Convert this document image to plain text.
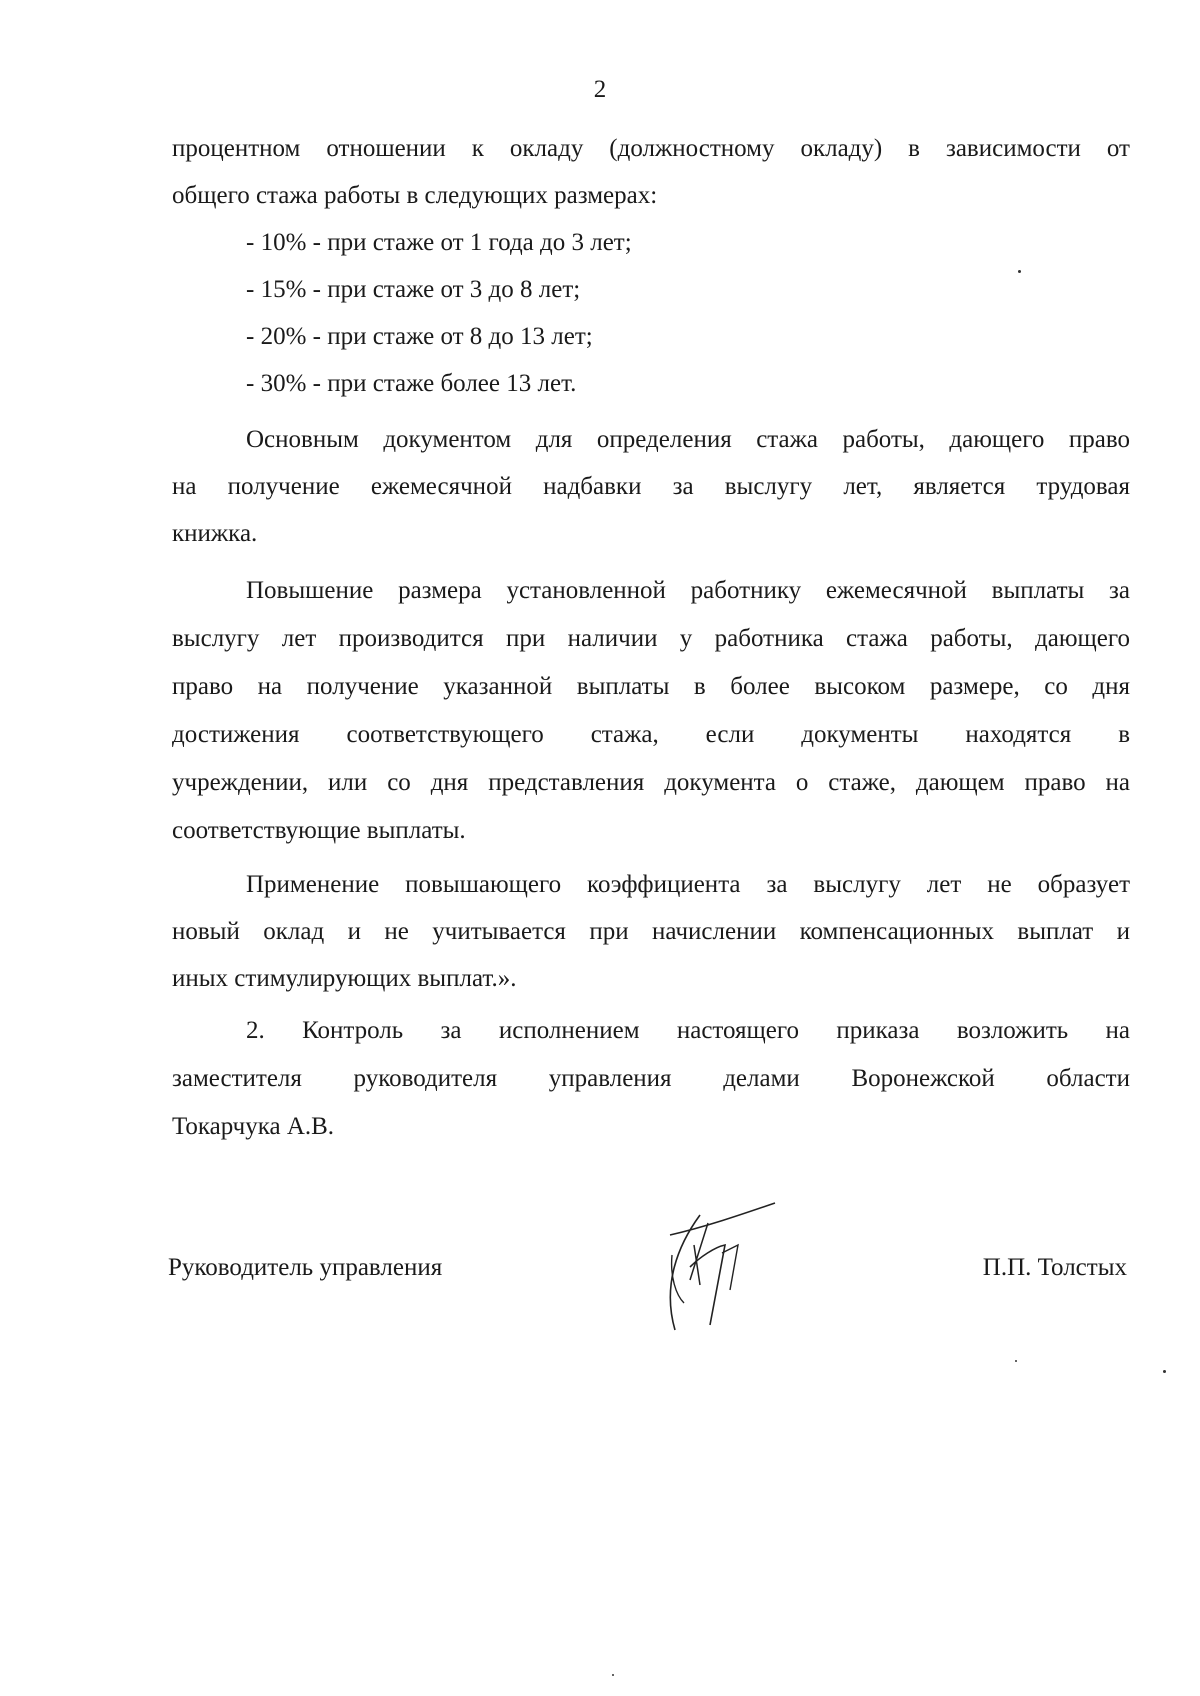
2
процентном отношении к окладу (должностному окладу) в зависимости от
общего стажа работы в следующих размерах:
- 10% - при стаже от 1 года до 3 лет;
- 15% - при стаже от 3 до 8 лет;
- 20% - при стаже от 8 до 13 лет;
- 30% - при стаже более 13 лет.
Основным документом для определения стажа работы, дающего право
на получение ежемесячной надбавки за выслугу лет, является трудовая
книжка.
Повышение размера установленной работнику ежемесячной выплаты за
выслугу лет производится при наличии у работника стажа работы, дающего
право на получение указанной выплаты в более высоком размере, со дня
достижения соответствующего стажа, если документы находятся в
учреждении, или со дня представления документа о стаже, дающем право на
соответствующие выплаты.
Применение повышающего коэффициента за выслугу лет не образует
новый оклад и не учитывается при начислении компенсационных выплат и
иных стимулирующих выплат.».
2. Контроль за исполнением настоящего приказа возложить на
заместителя руководителя управления делами Воронежской области
Токарчука А.В.
Руководитель управления	П.П. Толстых
